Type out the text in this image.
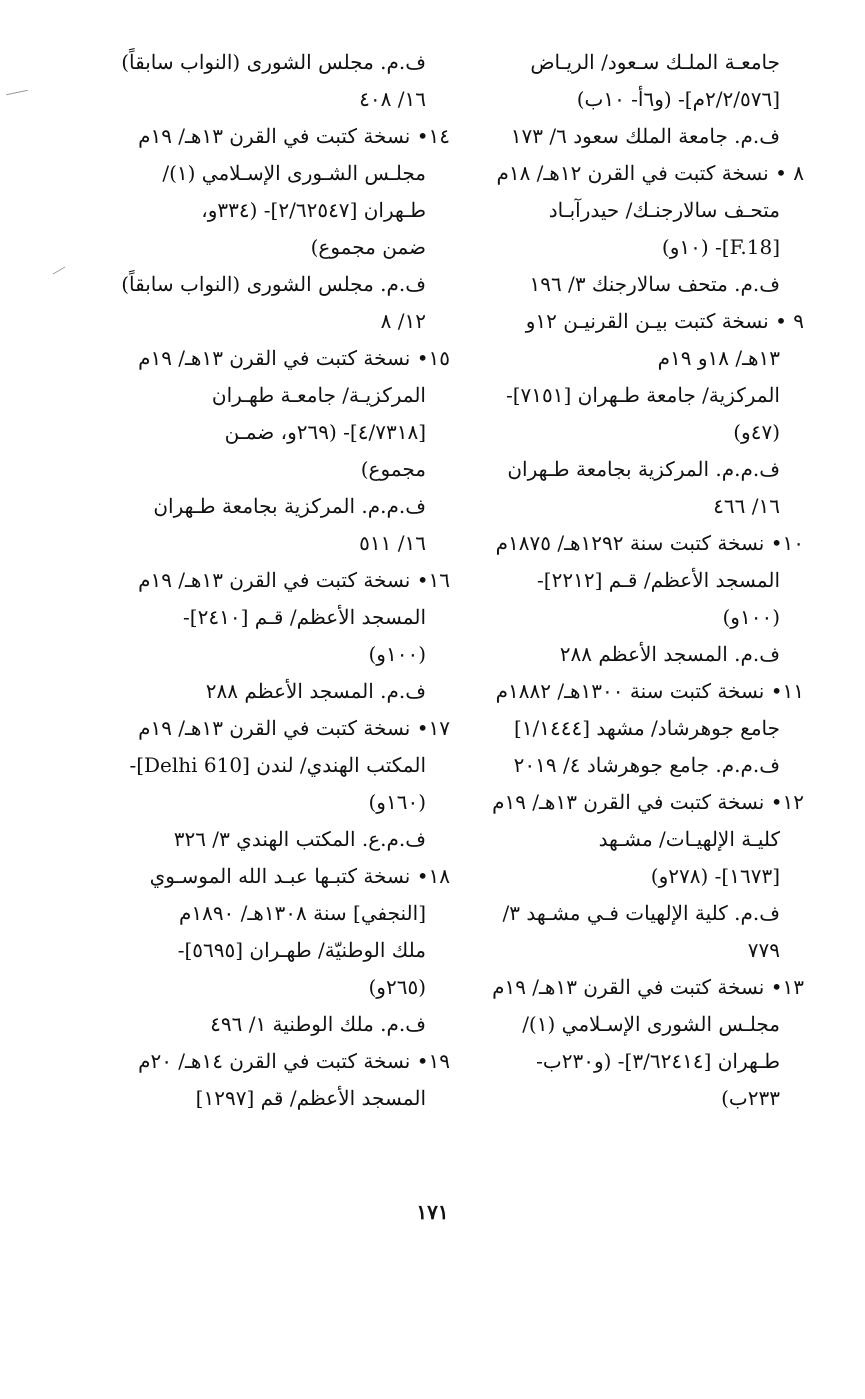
جامعـة الملـك سـعود/ الريـاض
[٢/٢/٥٧٦م]- (و٦أ- ١٠ب)
ف.م. جامعة الملك سعود ٦/ ١٧٣
٨ • نسخة كتبت في القرن ١٢هـ/ ١٨م
متحـف سالارجنـك/ حيدرآبـاد
[F.18]- (١٠و)
ف.م. متحف سالارجنك ٣/ ١٩٦
٩ • نسخة كتبت بيـن القرنيـن ١٢و
١٣هـ/ ١٨و ١٩م
المركزية/ جامعة طـهران [٧١٥١]-
(٤٧و)
ف.م.م. المركزية بجامعة طـهران
١٦/ ٤٦٦
١٠• نسخة كتبت سنة ١٢٩٢هـ/ ١٨٧٥م
المسجد الأعظم/ قـم [٢٢١٢]-
(١٠٠و)
ف.م. المسجد الأعظم ٢٨٨
١١• نسخة كتبت سنة ١٣٠٠هـ/ ١٨٨٢م
جامع جوهرشاد/ مشهد [١/١٤٤٤]
ف.م.م. جامع جوهرشاد ٤/ ٢٠١٩
١٢• نسخة كتبت في القرن ١٣هـ/ ١٩م
كليـة الإلهيـات/ مشـهد
[١٦٧٣]- (٢٧٨و)
ف.م. كلية الإلهيات فـي مشـهد ٣/
٧٧٩
١٣• نسخة كتبت في القرن ١٣هـ/ ١٩م
مجلـس الشورى الإسـلامي (١)/
طـهران [٣/٦٢٤١٤]- (و٢٣٠ب-
٢٣٣ب)
ف.م. مجلس الشورى (النواب سابقاً)
١٦/ ٤٠٨
١٤• نسخة كتبت في القرن ١٣هـ/ ١٩م
مجلـس الشـورى الإسـلامي (١)/
طـهران [٢/٦٢٥٤٧]- (٣٣٤و،
ضمن مجموع)
ف.م. مجلس الشورى (النواب سابقاً)
١٢/ ٨
١٥• نسخة كتبت في القرن ١٣هـ/ ١٩م
المركزيـة/ جامعـة طهـران
[٤/٧٣١٨]- (٢٦٩و، ضمـن
مجموع)
ف.م.م. المركزية بجامعة طـهران
١٦/ ٥١١
١٦• نسخة كتبت في القرن ١٣هـ/ ١٩م
المسجد الأعظم/ قـم [٢٤١٠]-
(١٠٠و)
ف.م. المسجد الأعظم ٢٨٨
١٧• نسخة كتبت في القرن ١٣هـ/ ١٩م
المكتب الهندي/ لندن [Delhi 610]-
(١٦٠و)
ف.م.ع. المكتب الهندي ٣/ ٣٢٦
١٨• نسخة كتبـها عبـد الله الموسـوي
[النجفي] سنة ١٣٠٨هـ/ ١٨٩٠م
ملك الوطنيّة/ طهـران [٥٦٩٥]-
(٢٦٥و)
ف.م. ملك الوطنية ١/ ٤٩٦
١٩• نسخة كتبت في القرن ١٤هـ/ ٢٠م
المسجد الأعظم/ قم [١٢٩٧]
١٧١
